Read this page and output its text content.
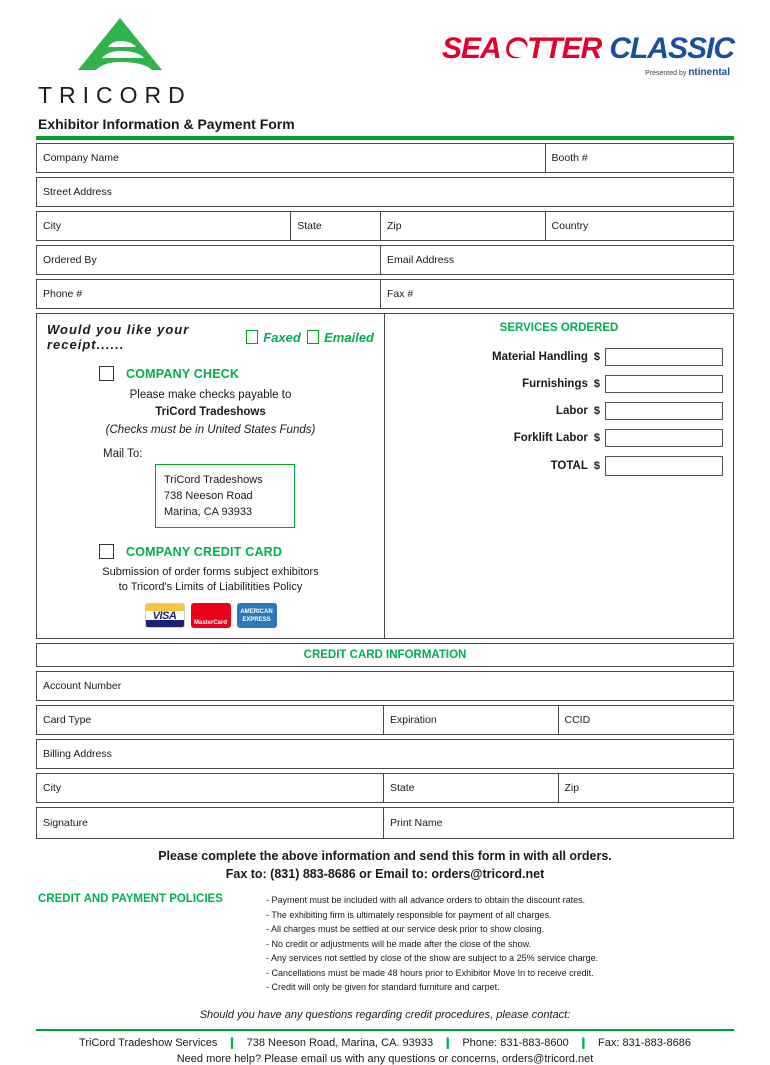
TRICORD
SEA OTTER CLASSIC
Presented by ntinental
Exhibitor Information & Payment Form
Company Name	Booth #
Street Address
City	State	Zip	Country
Ordered By	Email Address
Phone #	Fax #
Would you like your receipt......	Faxed Emailed
COMPANY CHECK
Please make checks payable to
TriCord Tradeshows
(Checks must be in United States Funds)
Mail To:
TriCord Tradeshows
738 Neeson Road
Marina, CA 93933
COMPANY CREDIT CARD
Submission of order forms subject exhibitors
to Tricord's Limits of Liabilitities Policy
VISA
MasterCard
AMERICAN EXPRESS
SERVICES ORDERED
Material Handling $
Furnishings $
Labor $
Forklift Labor $
TOTAL $
CREDIT CARD INFORMATION
Account Number
Card Type	Expiration	CCID
Billing Address
City	State	Zip
Signature	Print Name
Please complete the above information and send this form in with all orders.
Fax to: (831) 883-8686 or Email to: orders@tricord.net
CREDIT AND PAYMENT POLICIES	- Payment must be included with all advance orders to obtain the discount rates.
- The exhibiting firm is ultimately responsible for payment of all charges.
- All charges must be settled at our service desk prior to show closing.
- No credit or adjustments will be made after the close of the show.
- Any services not settled by close of the show are subject to a 25% service charge.
- Cancellations must be made 48 hours prior to Exhibitor Move In to receive credit.
- Credit will only be given for standard furniture and carpet.
Should you have any questions regarding credit procedures, please contact:
TriCord Tradeshow Services ❙ 738 Neeson Road, Marina, CA. 93933 ❙ Phone: 831-883-8600 ❙ Fax: 831-883-8686
Need more help? Please email us with any questions or concerns, orders@tricord.net
